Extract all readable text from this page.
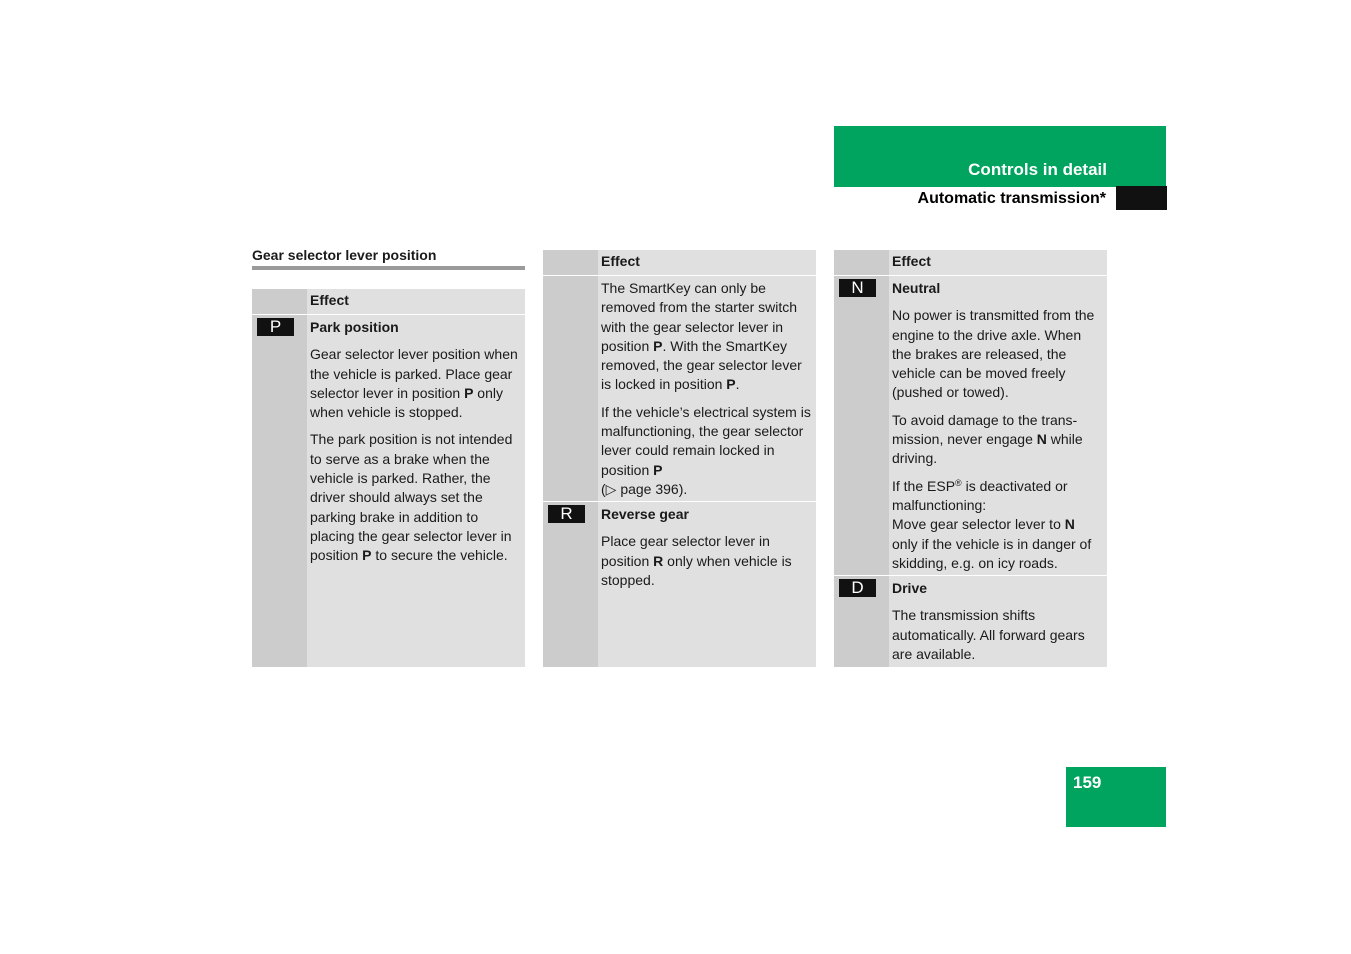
Controls in detail
Automatic transmission*
Gear selector lever position
Effect
P	Park position

Gear selector lever position when the vehicle is parked. Place gear selector lever in position P only when vehicle is stopped.

The park position is not intended to serve as a brake when the vehicle is parked. Rather, the driver should always set the parking brake in addition to placing the gear selector lever in position P to secure the vehicle.

Effect

The SmartKey can only be removed from the starter switch with the gear selector lever in position P. With the SmartKey removed, the gear selector lever is locked in position P.

If the vehicle’s electrical system is malfunctioning, the gear selector lever could remain locked in position P
(▷ page 396).

R	Reverse gear

Place gear selector lever in position R only when vehicle is stopped.

Effect
N	Neutral

No power is transmitted from the engine to the drive axle. When the brakes are released, the vehicle can be moved freely (pushed or towed).

To avoid damage to the trans-mission, never engage N while driving.

If the ESP® is deactivated or malfunctioning:
Move gear selector lever to N only if the vehicle is in danger of skidding, e.g. on icy roads.

D	Drive

The transmission shifts automatically. All forward gears are available.

159
